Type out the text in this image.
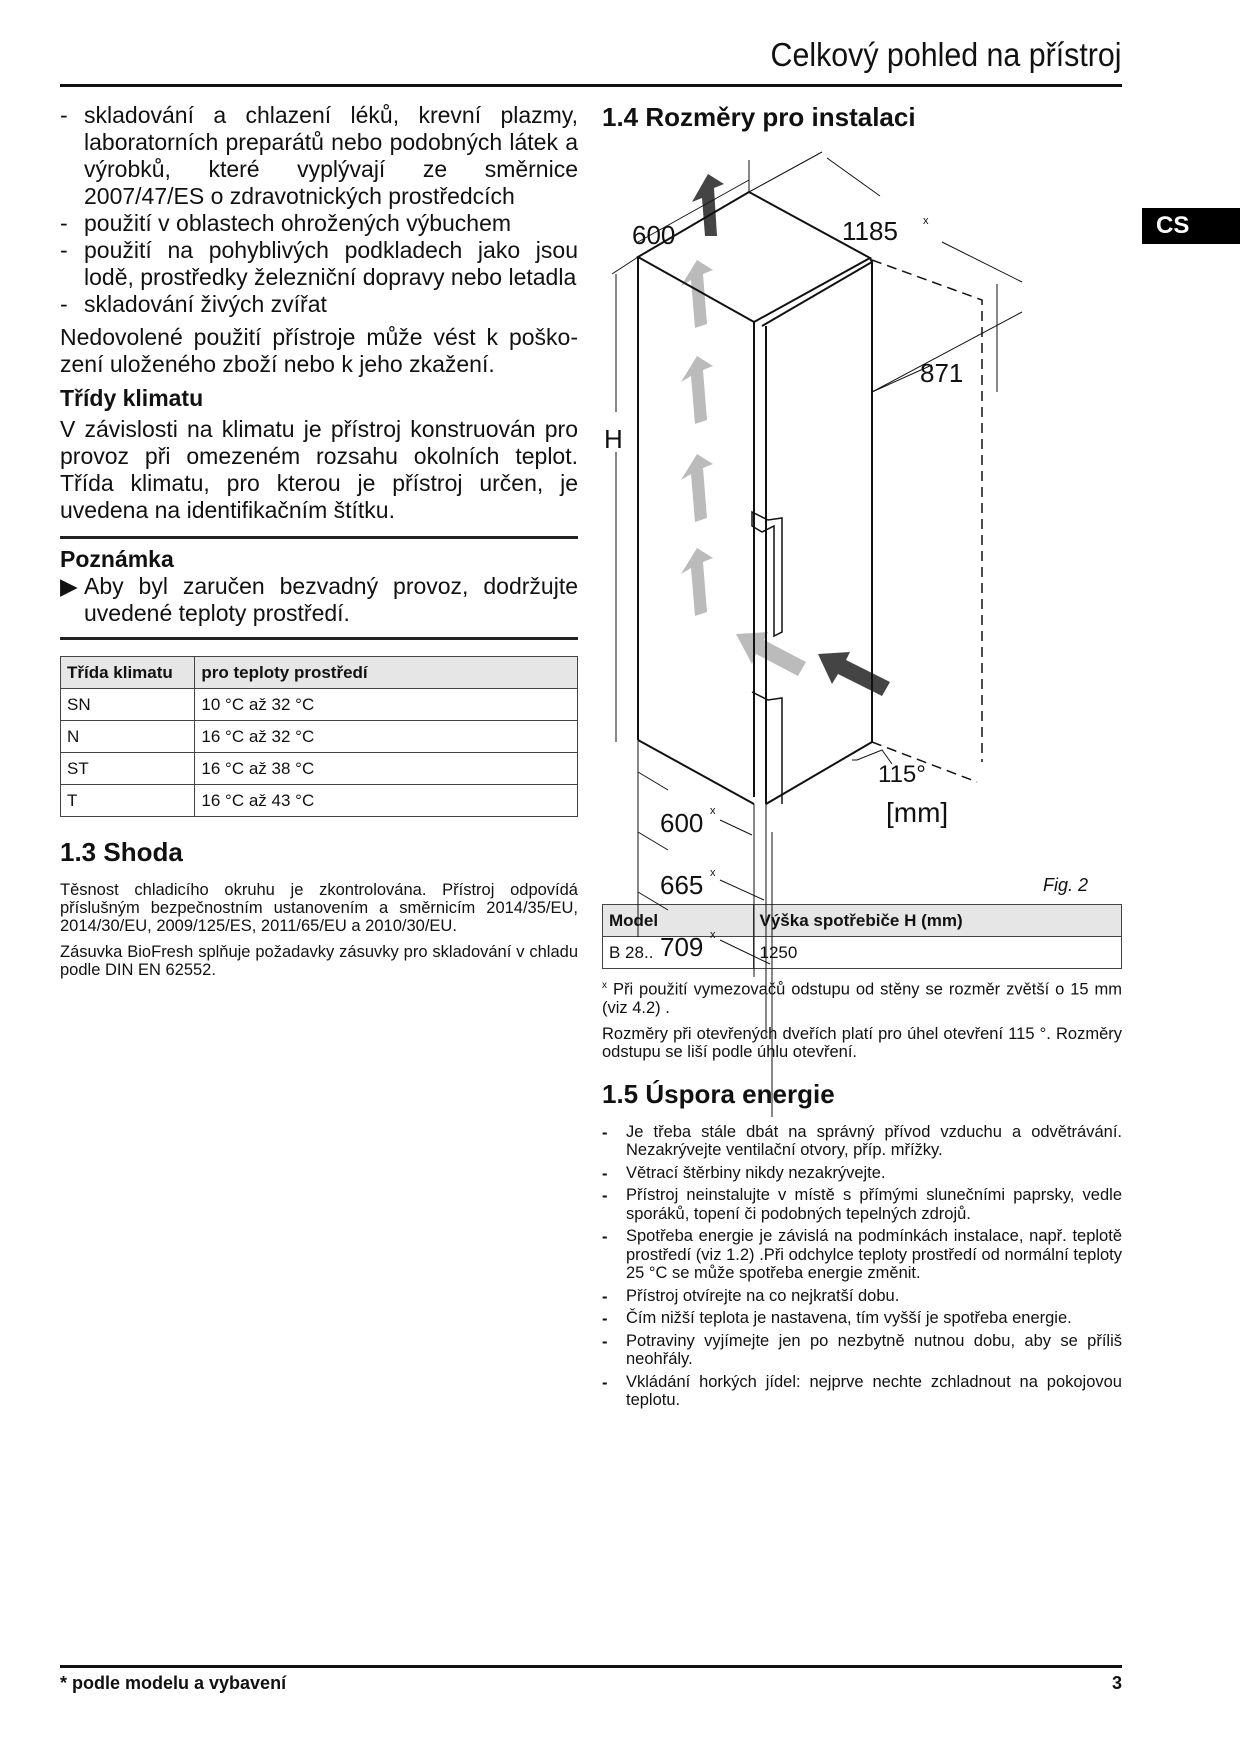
Celkový pohled na přístroj
CS
- skladování a chlazení léků, krevní plazmy, laboratorních preparátů nebo podobných látek a výrobků, které vyplývají ze směrnice 2007/47/ES o zdravotnických prostředcích
- použití v oblastech ohrožených výbuchem
- použití na pohyblivých podkladech jako jsou lodě, prostředky železniční dopravy nebo letadla
- skladování živých zvířat
Nedovolené použití přístroje může vést k poškození uloženého zboží nebo k jeho zkažení.
Třídy klimatu
V závislosti na klimatu je přístroj konstruován pro provoz při omezeném rozsahu okolních teplot. Třída klimatu, pro kterou je přístroj určen, je uvedena na identifikačním štítku.
Poznámka
▶ Aby byl zaručen bezvadný provoz, dodržujte uvedené teploty prostředí.
Třída klimatu	pro teploty prostředí
SN	10 °C až 32 °C
N	16 °C až 32 °C
ST	16 °C až 38 °C
T	16 °C až 43 °C
1.3 Shoda

Těsnost chladicího okruhu je zkontrolována. Přístroj odpovídá příslušným bezpečnostním ustanovením a směrnicím 2014/35/EU, 2014/30/EU, 2009/125/ES, 2011/65/EU a 2010/30/EU.

Zásuvka BioFresh splňuje požadavky zásuvky pro skladování v chladu podle DIN EN 62552.

1.4 Rozměry pro instalaci
600	1185 x
871
H
115°
600 x
665 x
709 x
[mm]
Fig. 2
Model	Výška spotřebiče H (mm)
B 28..	1250

$^x$ Při použití vymezovačů odstupu od stěny se rozměr zvětší o 15 mm (viz 4.2) .

Rozměry při otevřených dveřích platí pro úhel otevření 115 °. Rozměry odstupu se liší podle úhlu otevření.

1.5 Úspora energie
- Je třeba stále dbát na správný přívod vzduchu a odvětrávání. Nezakrývejte ventilační otvory, příp. mřížky.
- Větrací štěrbiny nikdy nezakrývejte.
- Přístroj neinstalujte v místě s přímými slunečními paprsky, vedle sporáků, topení či podobných tepelných zdrojů.
- Spotřeba energie je závislá na podmínkách instalace, např. teplotě prostředí (viz 1.2) .Při odchylce teploty prostředí od normální teploty 25 °C se může spotřeba energie změnit.
- Přístroj otvírejte na co nejkratší dobu.
- Čím nižší teplota je nastavena, tím vyšší je spotřeba energie.
- Potraviny vyjímejte jen po nezbytně nutnou dobu, aby se příliš neohřály.
- Vkládání horkých jídel: nejprve nechte zchladnout na pokojovou teplotu.
* podle modelu a vybavení	3
